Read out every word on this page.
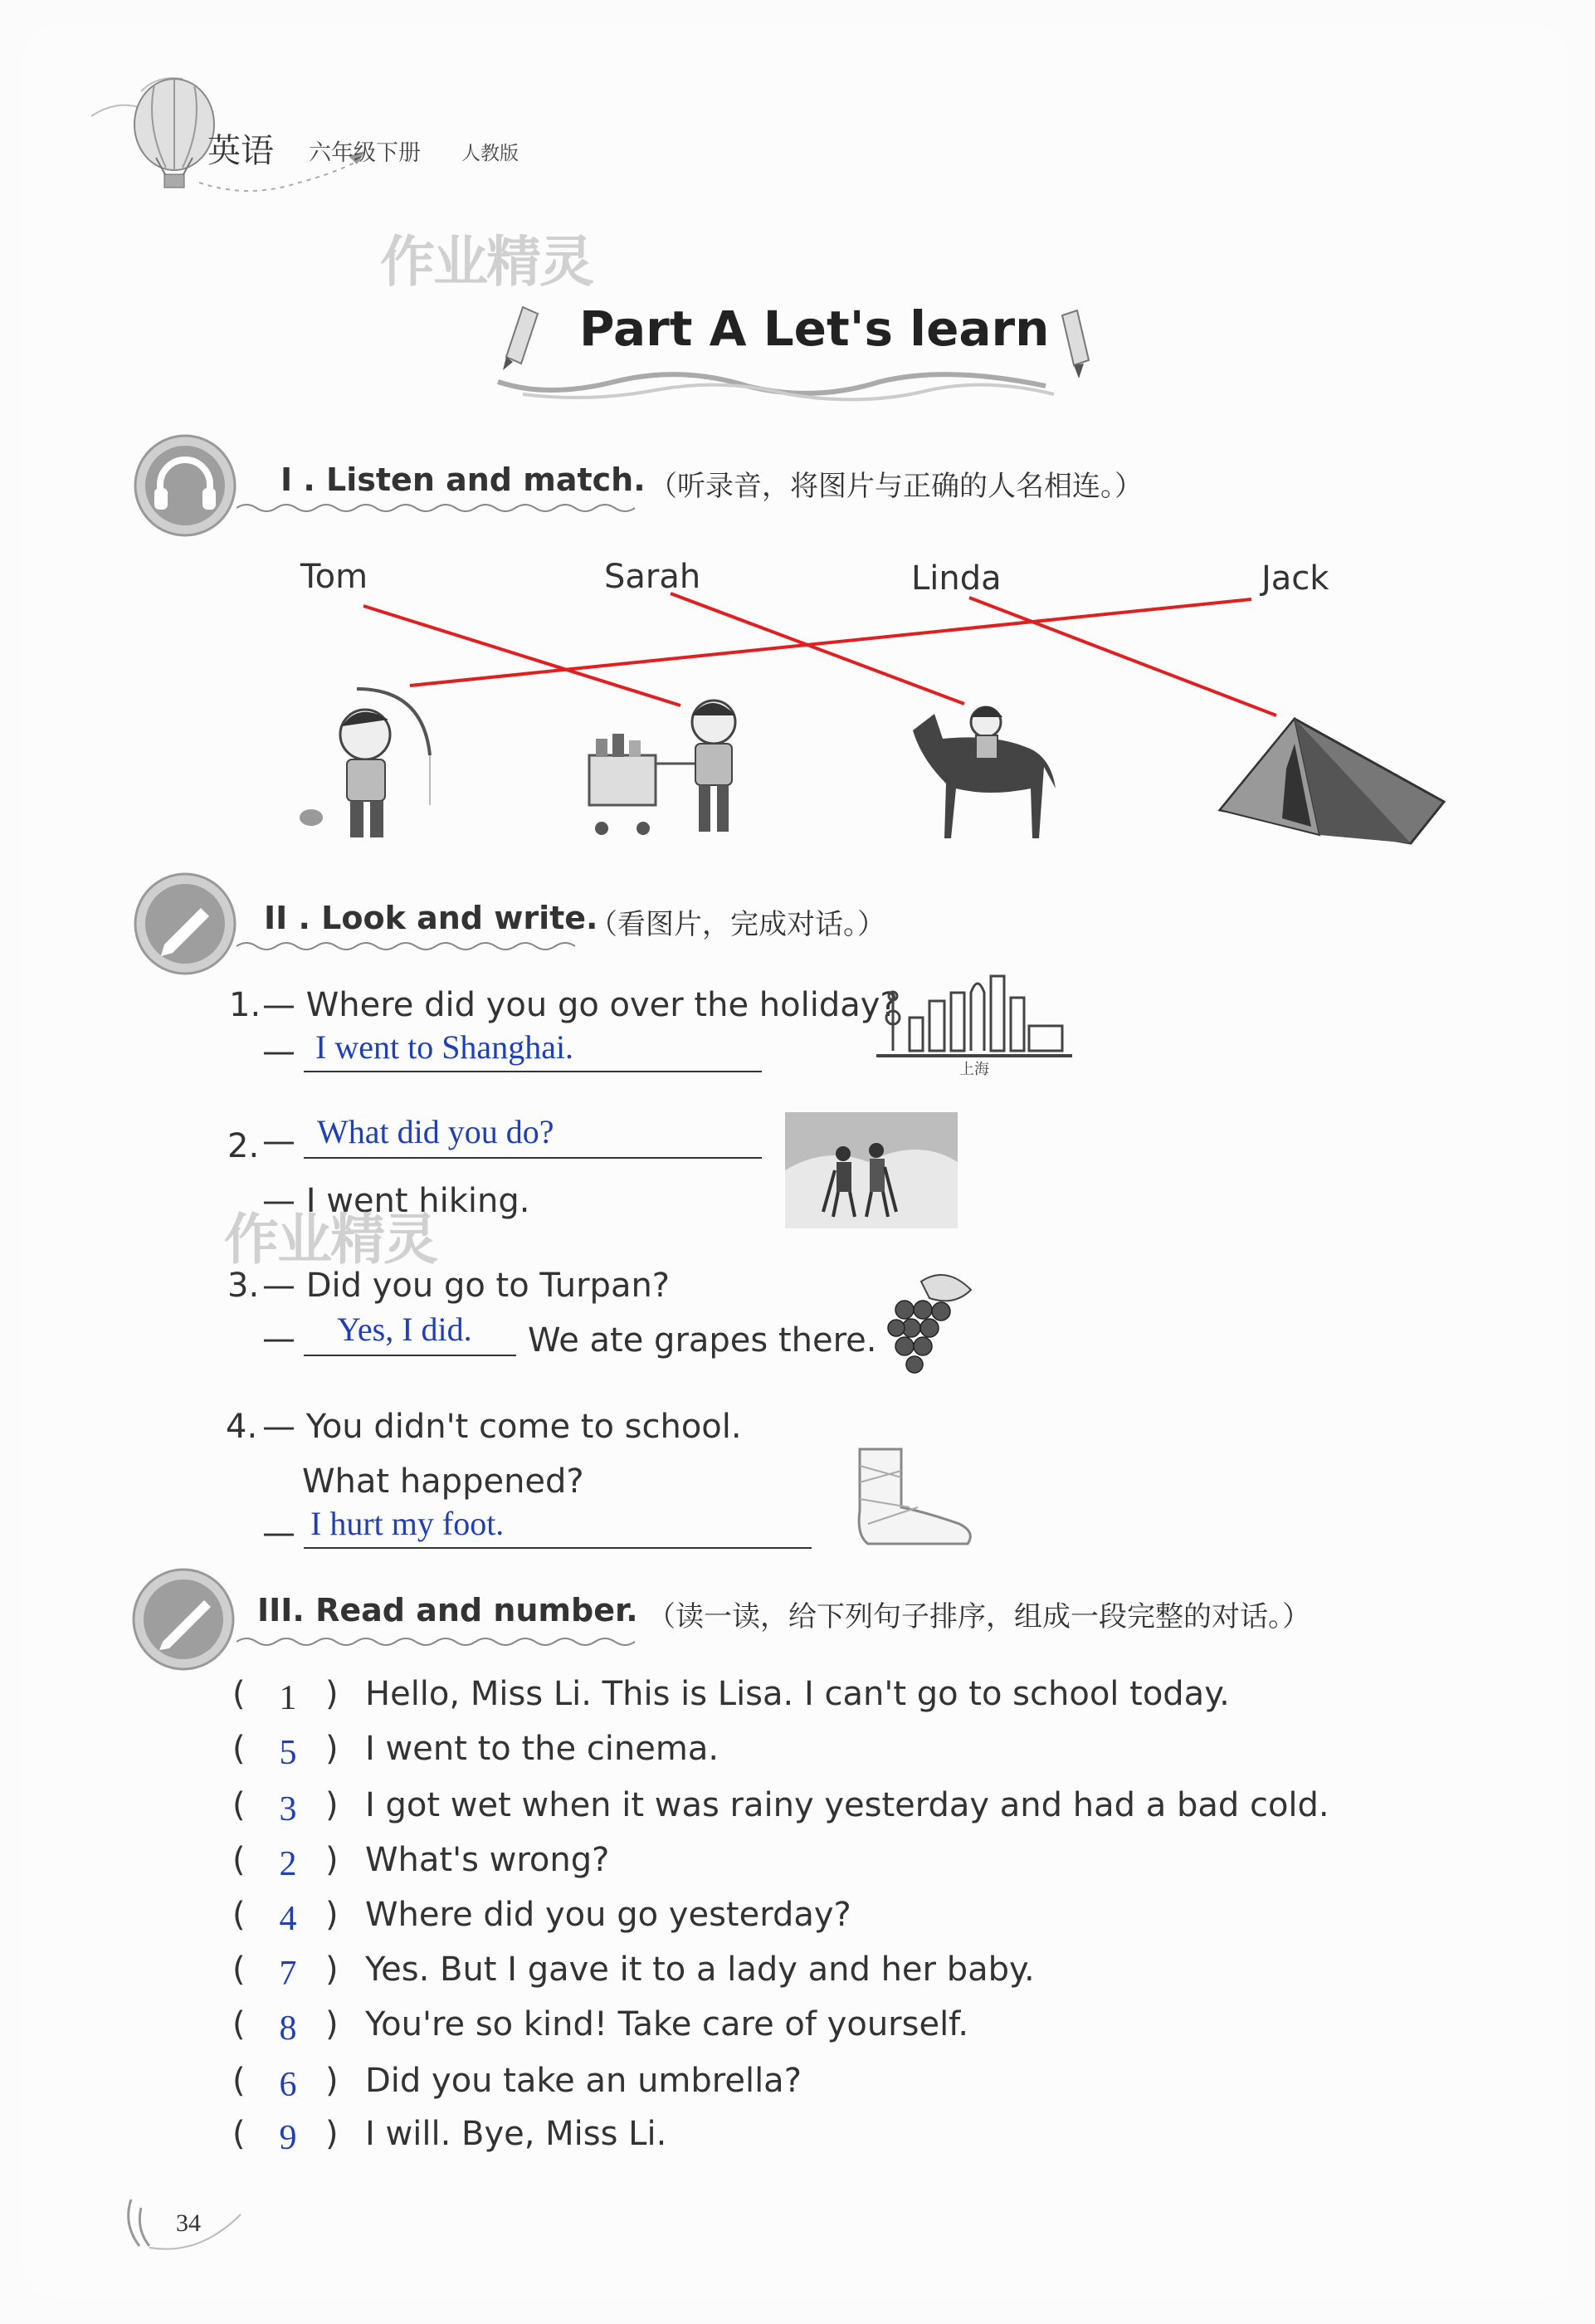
英语 六年级下册 人教版
作业精灵
Part A Let's learn
I . Listen and match. （听录音，将图片与正确的人名相连。）
Tom	Sarah	Linda	Jack
II . Look and write.
（看图片，完成对话。）
1. — Where did you go over the holiday?
— I went to Shanghai.
上海
2. — What did you do?
— I went hiking.
作业精灵
3. — Did you go to Turpan?
— Yes, I did. We ate grapes there.
4. — You didn't come to school.
What happened?
— I hurt my foot.
III. Read and number. （读一读，给下列句子排序，组成一段完整的对话。）
( 1 ) Hello, Miss Li. This is Lisa. I can't go to school today.
( 5 ) I went to the cinema.
( 3 ) I got wet when it was rainy yesterday and had a bad cold.
( 2 ) What's wrong?
( 4 ) Where did you go yesterday?
( 7 ) Yes. But I gave it to a lady and her baby.
( 8 ) You're so kind! Take care of yourself.
( 6 ) Did you take an umbrella?
( 9 ) I will. Bye, Miss Li.
34
